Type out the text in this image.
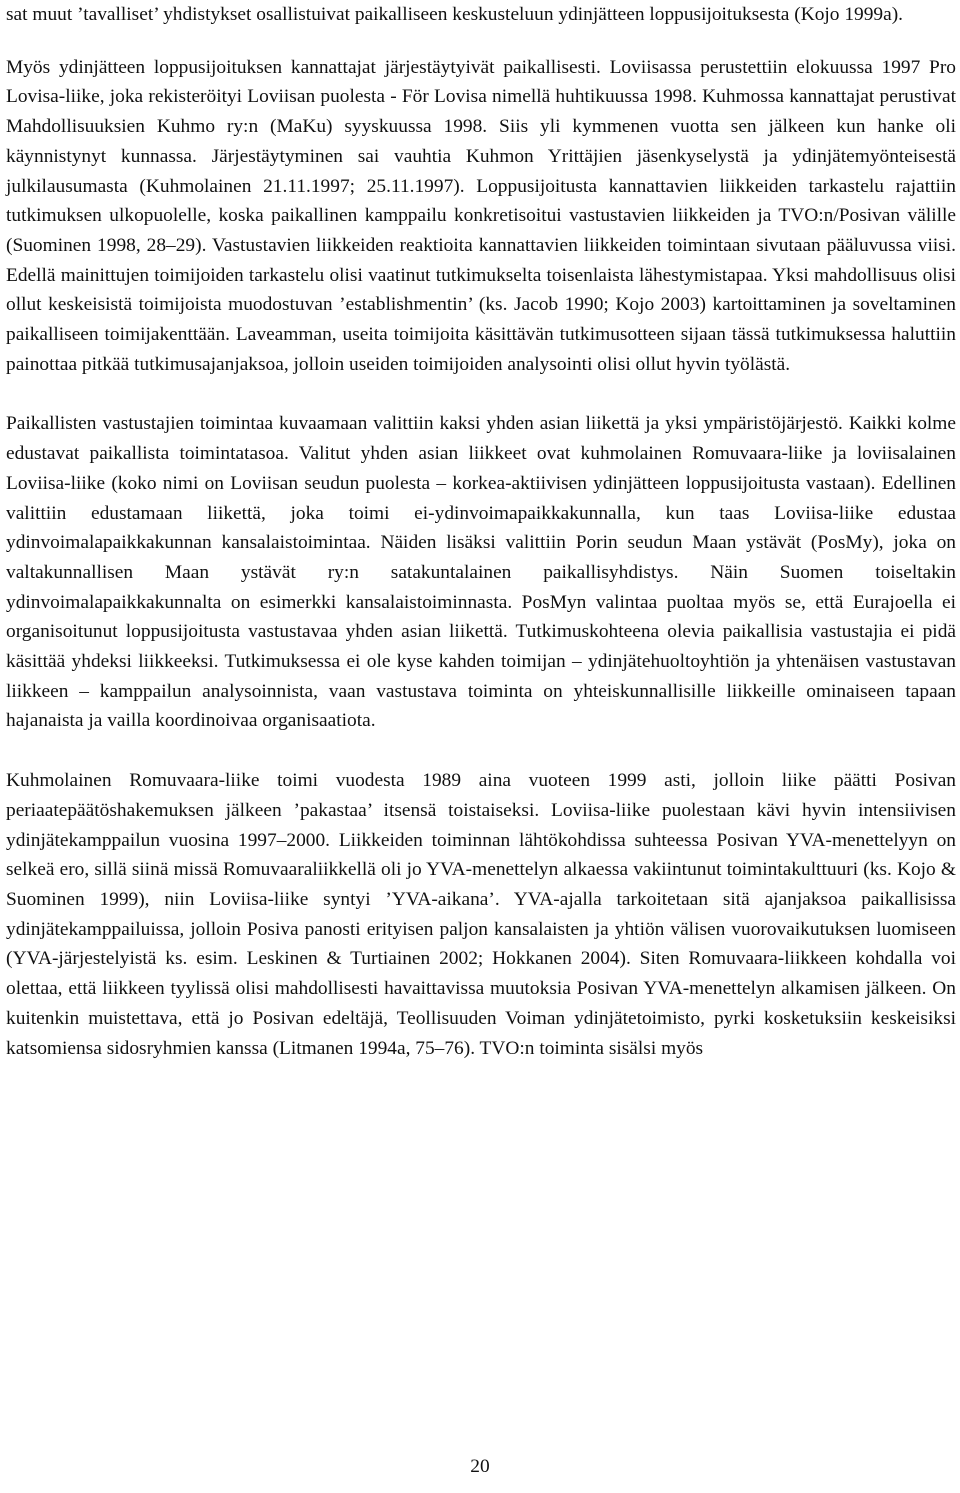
sat muut ’tavalliset’ yhdistykset osallistuivat paikalliseen keskusteluun ydinjätteen loppusijoituksesta (Kojo 1999a).

Myös ydinjätteen loppusijoituksen kannattajat järjestäytyivät paikallisesti. Loviisassa perustettiin elokuussa 1997 Pro Lovisa-liike, joka rekisteröityi Loviisan puolesta - För Lovisa nimellä huhtikuussa 1998. Kuhmossa kannattajat perustivat Mahdollisuuksien Kuhmo ry:n (MaKu) syyskuussa 1998. Siis yli kymmenen vuotta sen jälkeen kun hanke oli käynnistynyt kunnassa. Järjestäytyminen sai vauhtia Kuhmon Yrittäjien jäsenkyselystä ja ydinjätemyönteisestä julkilausumasta (Kuhmolainen 21.11.1997; 25.11.1997). Loppusijoitusta kannattavien liikkeiden tarkastelu rajattiin tutkimuksen ulkopuolelle, koska paikallinen kamppailu konkretisoitui vastustavien liikkeiden ja TVO:n/Posivan välille (Suominen 1998, 28–29). Vastustavien liikkeiden reaktioita kannattavien liikkeiden toimintaan sivutaan pääluvussa viisi. Edellä mainittujen toimijoiden tarkastelu olisi vaatinut tutkimukselta toisenlaista lähestymistapaa. Yksi mahdollisuus olisi ollut keskeisistä toimijoista muodostuvan ’establishmentin’ (ks. Jacob 1990; Kojo 2003) kartoittaminen ja soveltaminen paikalliseen toimijakenttään. Laveamman, useita toimijoita käsittävän tutkimusotteen sijaan tässä tutkimuksessa haluttiin painottaa pitkää tutkimusajanjaksoa, jolloin useiden toimijoiden analysointi olisi ollut hyvin työlästä.

Paikallisten vastustajien toimintaa kuvaamaan valittiin kaksi yhden asian liikettä ja yksi ympäristöjärjestö. Kaikki kolme edustavat paikallista toimintatasoa. Valitut yhden asian liikkeet ovat kuhmolainen Romuvaara-liike ja loviisalainen Loviisa-liike (koko nimi on Loviisan seudun puolesta – korkea-aktiivisen ydinjätteen loppusijoitusta vastaan). Edellinen valittiin edustamaan liikettä, joka toimi ei-ydinvoimapaikkakunnalla, kun taas Loviisa-liike edustaa ydinvoimalapaikkakunnan kansalaistoimintaa. Näiden lisäksi valittiin Porin seudun Maan ystävät (PosMy), joka on valtakunnallisen Maan ystävät ry:n satakuntalainen paikallisyhdistys. Näin Suomen toiseltakin ydinvoimalapaikkakunnalta on esimerkki kansalaistoiminnasta. PosMyn valintaa puoltaa myös se, että Eurajoella ei organisoitunut loppusijoitusta vastustavaa yhden asian liikettä. Tutkimuskohteena olevia paikallisia vastustajia ei pidä käsittää yhdeksi liikkeeksi. Tutkimuksessa ei ole kyse kahden toimijan – ydinjätehuoltoyhtiön ja yhtenäisen vastustavan liikkeen – kamppailun analysoinnista, vaan vastustava toiminta on yhteiskunnallisille liikkeille ominaiseen tapaan hajanaista ja vailla koordinoivaa organisaatiota.

Kuhmolainen Romuvaara-liike toimi vuodesta 1989 aina vuoteen 1999 asti, jolloin liike päätti Posivan periaatepäätöshakemuksen jälkeen ’pakastaa’ itsensä toistaiseksi. Loviisa-liike puolestaan kävi hyvin intensiivisen ydinjätekamppailun vuosina 1997–2000. Liikkeiden toiminnan lähtökohdissa suhteessa Posivan YVA-menettelyyn on selkeä ero, sillä siinä missä Romuvaaraliikkellä oli jo YVA-menettelyn alkaessa vakiintunut toimintakulttuuri (ks. Kojo & Suominen 1999), niin Loviisa-liike syntyi ’YVA-aikana’. YVA-ajalla tarkoitetaan sitä ajanjaksoa paikallisissa ydinjätekamppailuissa, jolloin Posiva panosti erityisen paljon kansalaisten ja yhtiön välisen vuorovaikutuksen luomiseen (YVA-järjestelyistä ks. esim. Leskinen & Turtiainen 2002; Hokkanen 2004). Siten Romuvaara-liikkeen kohdalla voi olettaa, että liikkeen tyylissä olisi mahdollisesti havaittavissa muutoksia Posivan YVA-menettelyn alkamisen jälkeen. On kuitenkin muistettava, että jo Posivan edeltäjä, Teollisuuden Voiman ydinjätetoimisto, pyrki kosketuksiin keskeisiksi katsomiensa sidosryhmien kanssa (Litmanen 1994a, 75–76). TVO:n toiminta sisälsi myös

20
